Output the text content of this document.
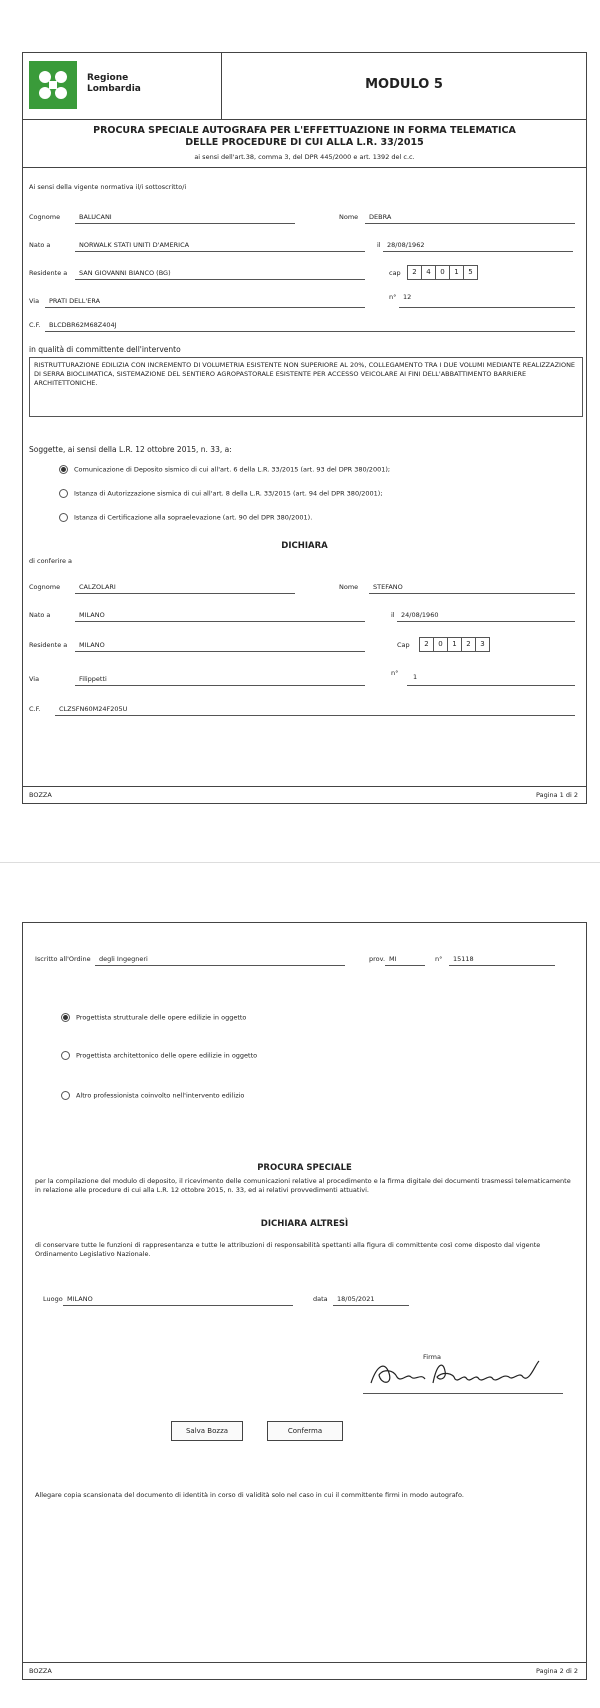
Regione
Lombardia	MODULO 5
PROCURA SPECIALE AUTOGRAFA PER L'EFFETTUAZIONE IN FORMA TELEMATICA
DELLE PROCEDURE DI CUI ALLA L.R. 33/2015
ai sensi dell'art.38, comma 3, del DPR 445/2000 e art. 1392 del c.c.
Ai sensi della vigente normativa il/i sottoscritto/i
Cognome	BALUCANI	Nome DEBRA
Nato a	NORWALK STATI UNITI D'AMERICA	il 28/08/1962
Residente a SAN GIOVANNI BIANCO (BG)	cap	2	4	0	1	5
Via PRATI DELL'ERA	n° 12
C.F. BLCDBR62M68Z404J
in qualità di committente dell'intervento
RISTRUTTURAZIONE EDILIZIA CON INCREMENTO DI VOLUMETRIA ESISTENTE NON SUPERIORE AL 20%, COLLEGAMENTO TRA I DUE VOLUMI MEDIANTE REALIZZAZIONE DI SERRA BIOCLIMATICA, SISTEMAZIONE DEL SENTIERO AGROPASTORALE ESISTENTE PER ACCESSO VEICOLARE AI FINI DELL'ABBATTIMENTO BARRIERE ARCHITETTONICHE.
Soggette, ai sensi della L.R. 12 ottobre 2015, n. 33, a:
Comunicazione di Deposito sismico di cui all'art. 6 della L.R. 33/2015 (art. 93 del DPR 380/2001);
Istanza di Autorizzazione sismica di cui all'art. 8 della L.R. 33/2015 (art. 94 del DPR 380/2001);
Istanza di Certificazione alla sopraelevazione (art. 90 del DPR 380/2001).
DICHIARA
di conferire a
Cognome	CALZOLARI	Nome STEFANO
Nato a	MILANO	il 24/08/1960
Residente a MILANO	Cap	2	0	1	2	3
Via	Filippetti
n° 1
C.F.	CLZSFN60M24F205U
BOZZA	Pagina 1 di 2
Iscritto all'Ordine degli Ingegneri	prov. MI	n° 15118
Progettista strutturale delle opere edilizie in oggetto
Progettista architettonico delle opere edilizie in oggetto
Altro professionista coinvolto nell'intervento edilizio
PROCURA SPECIALE
per la compilazione del modulo di deposito, il ricevimento delle comunicazioni relative al procedimento e la firma digitale dei documenti trasmessi telematicamente in relazione alle procedure di cui alla L.R. 12 ottobre 2015, n. 33, ed ai relativi provvedimenti attuativi.
DICHIARA ALTRESÌ
di conservare tutte le funzioni di rappresentanza e tutte le attribuzioni di responsabilità spettanti alla figura di committente così come disposto dal vigente Ordinamento Legislativo Nazionale.
Luogo MILANO	data 18/05/2021
Firma
Salva Bozza	Conferma
Allegare copia scansionata del documento di identità in corso di validità solo nel caso in cui il committente firmi in modo autografo.
BOZZA	Pagina 2 di 2
